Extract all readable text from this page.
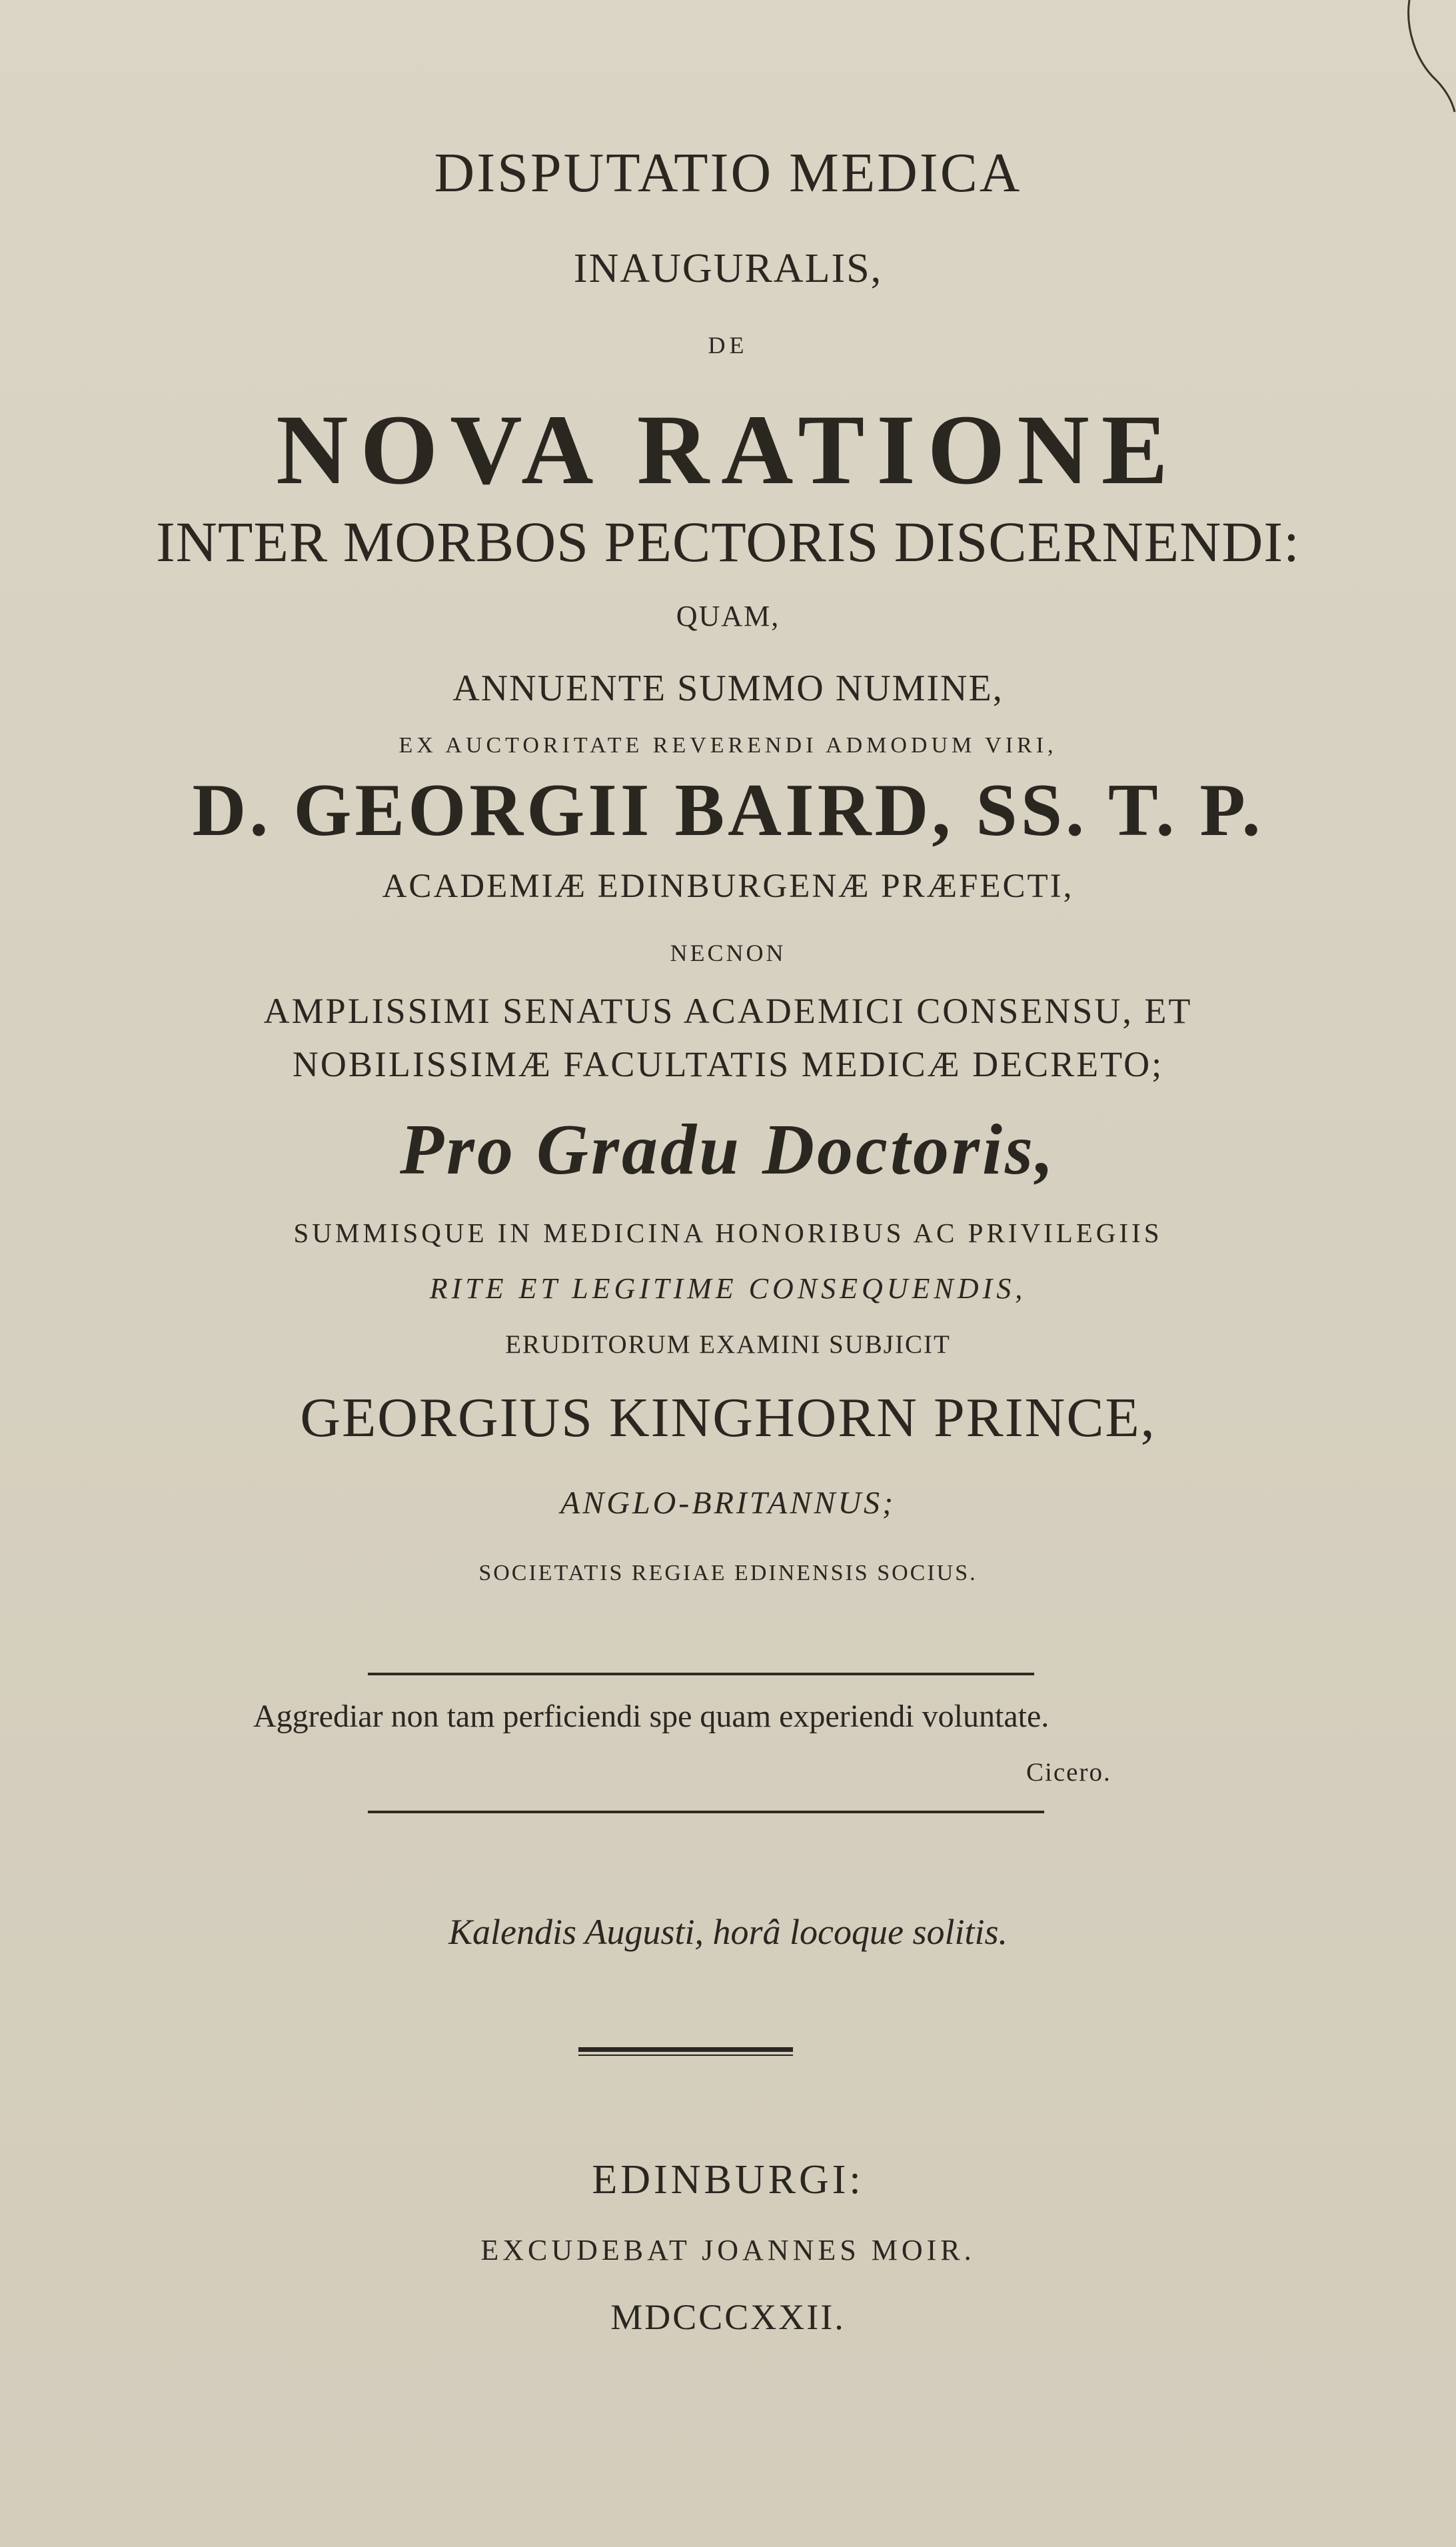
DISPUTATIO MEDICA
INAUGURALIS,
DE
NOVA RATIONE
INTER MORBOS PECTORIS DISCERNENDI:
QUAM,
ANNUENTE SUMMO NUMINE,
EX AUCTORITATE REVERENDI ADMODUM VIRI,
D. GEORGII BAIRD, SS. T. P.
ACADEMIÆ EDINBURGENÆ PRÆFECTI,
NECNON
AMPLISSIMI SENATUS ACADEMICI CONSENSU, ET
NOBILISSIMÆ FACULTATIS MEDICÆ DECRETO;
Pro Gradu Doctoris,
SUMMISQUE IN MEDICINA HONORIBUS AC PRIVILEGIIS
RITE ET LEGITIME CONSEQUENDIS,
ERUDITORUM EXAMINI SUBJICIT
GEORGIUS KINGHORN PRINCE,
ANGLO-BRITANNUS;
SOCIETATIS REGIAE EDINENSIS SOCIUS.
Aggrediar non tam perficiendi spe quam experiendi voluntate.
Cicero.
Kalendis Augusti, horâ locoque solitis.
EDINBURGI:
EXCUDEBAT JOANNES MOIR.
MDCCCXXII.
